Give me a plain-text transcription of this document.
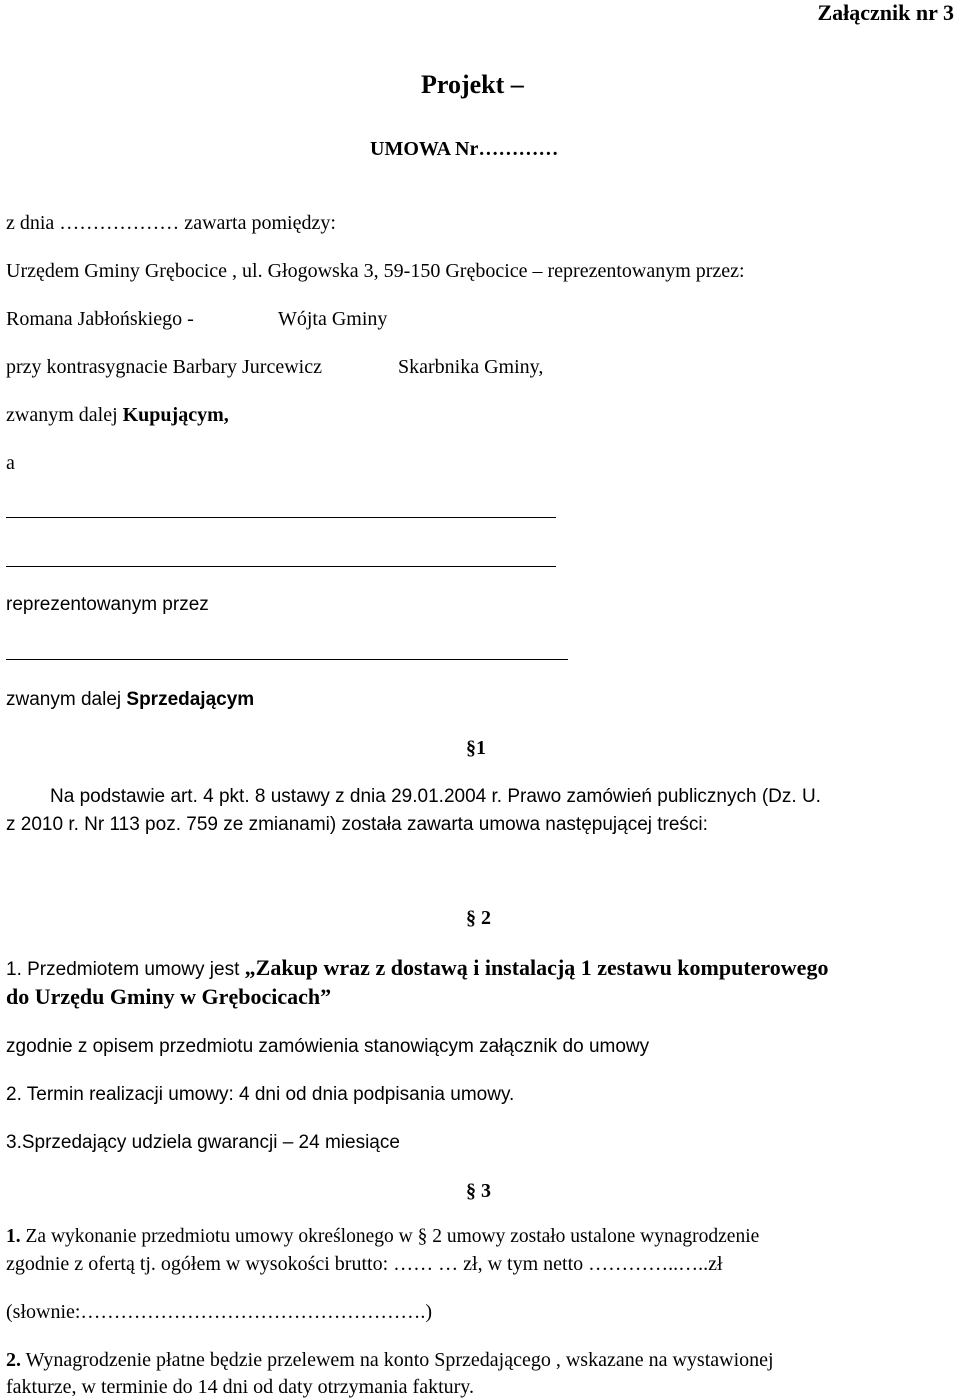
Załącznik nr 3
Projekt –
UMOWA Nr…………
z dnia ……………… zawarta pomiędzy:
Urzędem Gminy Grębocice , ul. Głogowska 3, 59-150 Grębocice – reprezentowanym przez:
Romana Jabłońskiego -	Wójta Gminy
przy kontrasygnacie Barbary Jurcewicz	Skarbnika Gminy,
zwanym dalej Kupującym,
a
reprezentowanym przez
zwanym dalej Sprzedającym
§1
Na podstawie art. 4 pkt. 8 ustawy z dnia 29.01.2004 r. Prawo zamówień publicznych (Dz. U.
z 2010 r. Nr 113 poz. 759 ze zmianami) została zawarta umowa następującej treści:
§ 2
1. Przedmiotem umowy jest „Zakup wraz z dostawą i instalacją 1 zestawu komputerowego
do Urzędu Gminy w Grębocicach”
zgodnie z opisem przedmiotu zamówienia stanowiącym załącznik do umowy
2. Termin realizacji umowy: 4 dni od dnia podpisania umowy.
3.Sprzedający udziela gwarancji – 24 miesiące
§ 3
1. Za wykonanie przedmiotu umowy określonego w § 2 umowy zostało ustalone wynagrodzenie
zgodnie z ofertą tj. ogółem w wysokości brutto: …… … zł, w tym netto …………..…..zł
(słownie:…………………………………………….)
2. Wynagrodzenie płatne będzie przelewem na konto Sprzedającego , wskazane na wystawionej
fakturze, w terminie do 14 dni od daty otrzymania faktury.
